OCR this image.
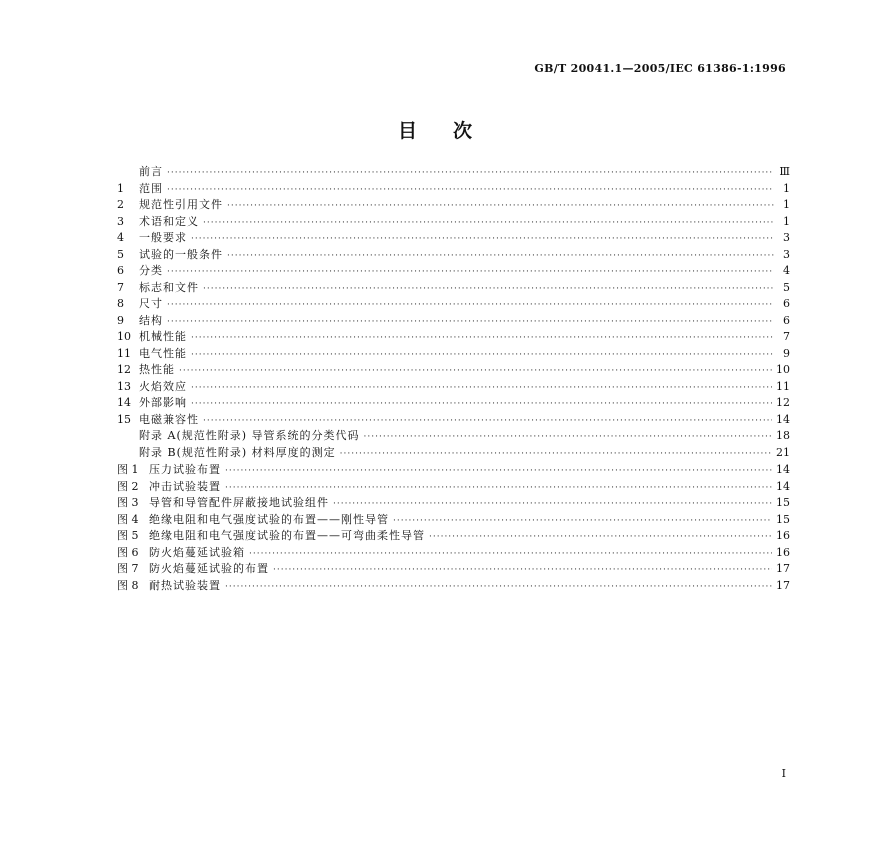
GB/T 20041.1—2005/IEC 61386-1:1996
目次
前言 ·····	Ⅲ
1	范围 ·····	1
2	规范性引用文件 ·····	1
3	术语和定义 ·····	1
4	一般要求 ·····	3
5	试验的一般条件 ·····	3
6	分类 ·····	4
7	标志和文件 ·····	5
8	尺寸 ·····	6
9	结构 ·····	6
10 机械性能 ·····	7
11 电气性能 ·····	9
12 热性能 ·····	10
13 火焰效应 ·····	11
14 外部影响 ·····	12
15 电磁兼容性 ·····	14
附录 A(规范性附录) 导管系统的分类代码 ·····	18
附录 B(规范性附录) 材料厚度的测定 ·····	21
图 1 压力试验布置 ·····	14
图 2 冲击试验装置 ·····	14
图 3 导管和导管配件屏蔽接地试验组件 ·····	15
图 4 绝缘电阻和电气强度试验的布置——刚性导管 ·····	15
图 5 绝缘电阻和电气强度试验的布置——可弯曲柔性导管 ·····	16
图 6 防火焰蔓延试验箱 ·····	16
图 7 防火焰蔓延试验的布置 ·····	17
图 8 耐热试验装置 ·····	17
Ⅰ
